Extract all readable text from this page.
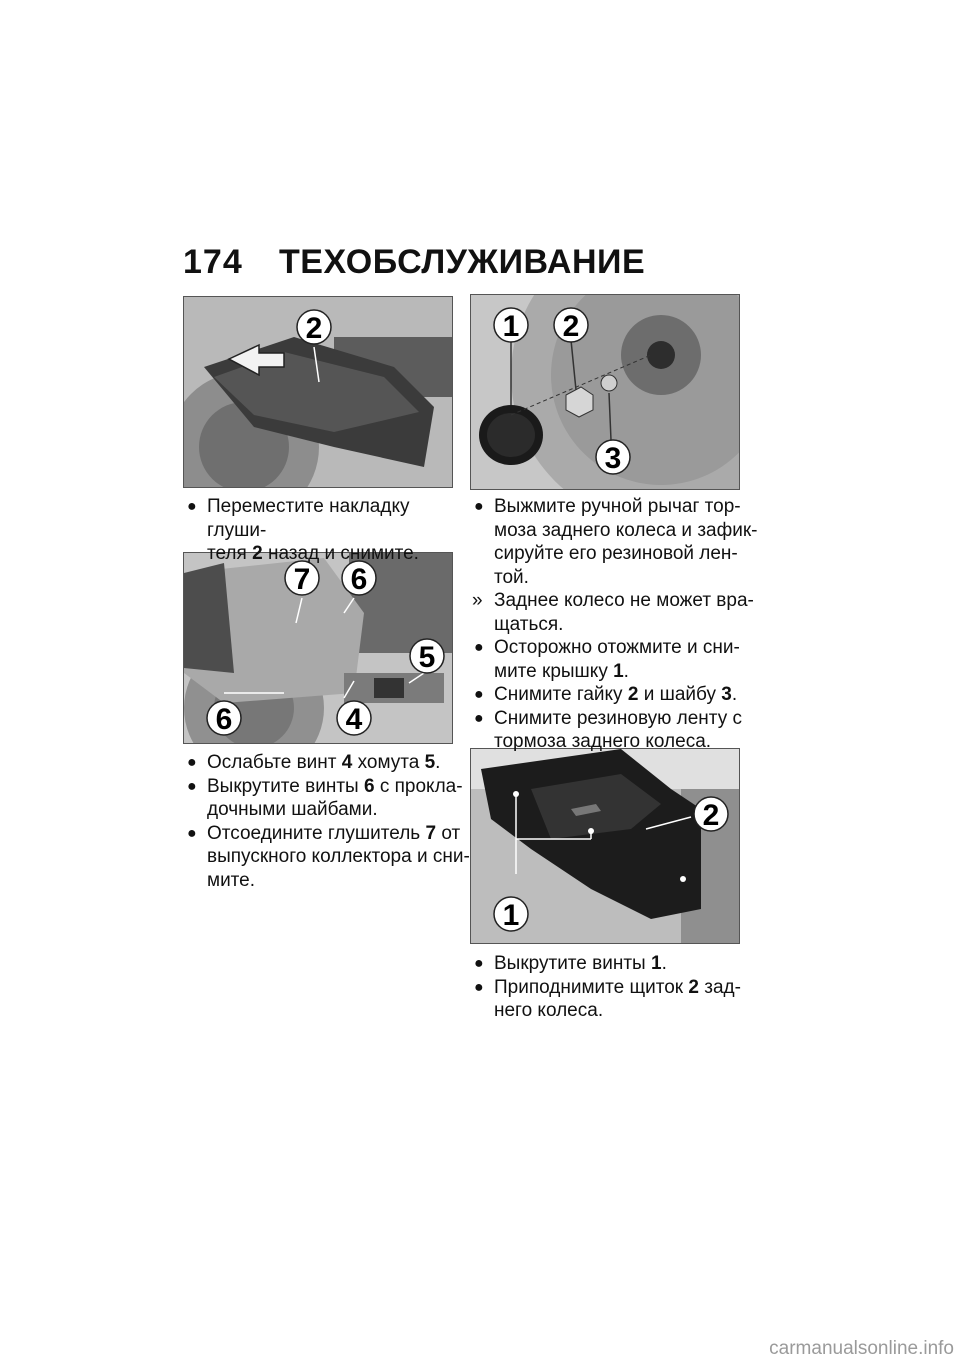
174	ТЕХОБСЛУЖИВАНИЕ
2
7 6
5
6	4
1 2
3
2
1
● Переместите накладку глуши-
теля 2 назад и снимите.
● Ослабьте винт 4 хомута 5.
● Выкрутите винты 6 с прокла-
дочными шайбами.
● Отсоедините глушитель 7 от
выпускного коллектора и сни-
мите.
● Выжмите ручной рычаг тор-
моза заднего колеса и зафик-
сируйте его резиновой лен-
той.
» Заднее колесо не может вра-
щаться.
● Осторожно отожмите и сни-
мите крышку 1.
● Снимите гайку 2 и шайбу 3.
● Снимите резиновую ленту с
тормоза заднего колеса.
● Выкрутите винты 1.
● Приподнимите щиток 2 зад-
него колеса.
carmanualsonline.info
